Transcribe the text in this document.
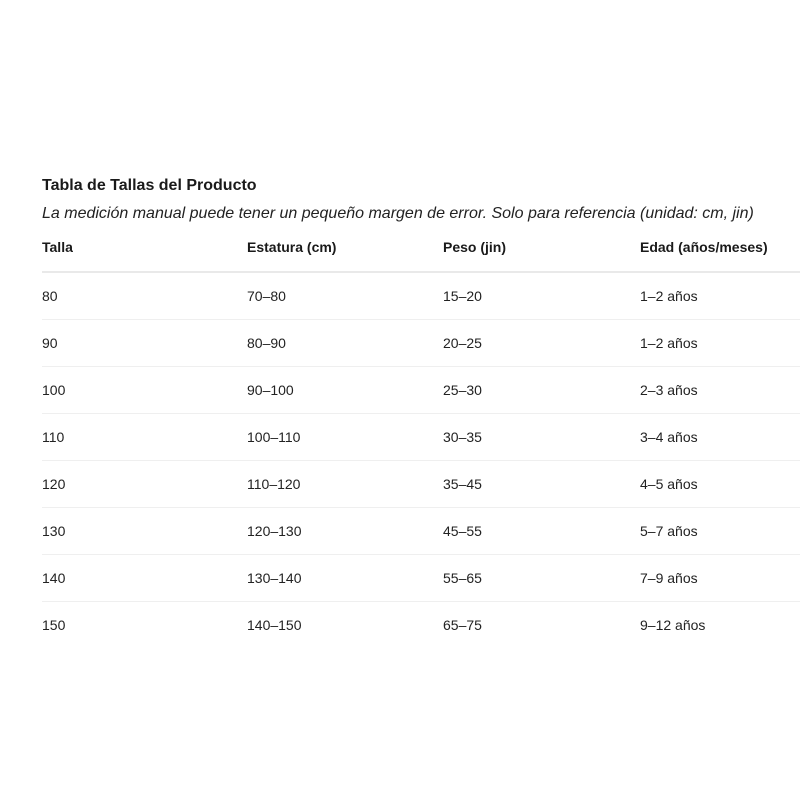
Tabla de Tallas del Producto

La medición manual puede tener un pequeño margen de error. Solo para referencia (unidad: cm, jin)

Talla	Estatura (cm)	Peso (jin)	Edad (años/meses)
80	70–80	15–20	1–2 años
90	80–90	20–25	1–2 años
100	90–100	25–30	2–3 años
110	100–110	30–35	3–4 años
120	110–120	35–45	4–5 años
130	120–130	45–55	5–7 años
140	130–140	55–65	7–9 años
150	140–150	65–75	9–12 años
